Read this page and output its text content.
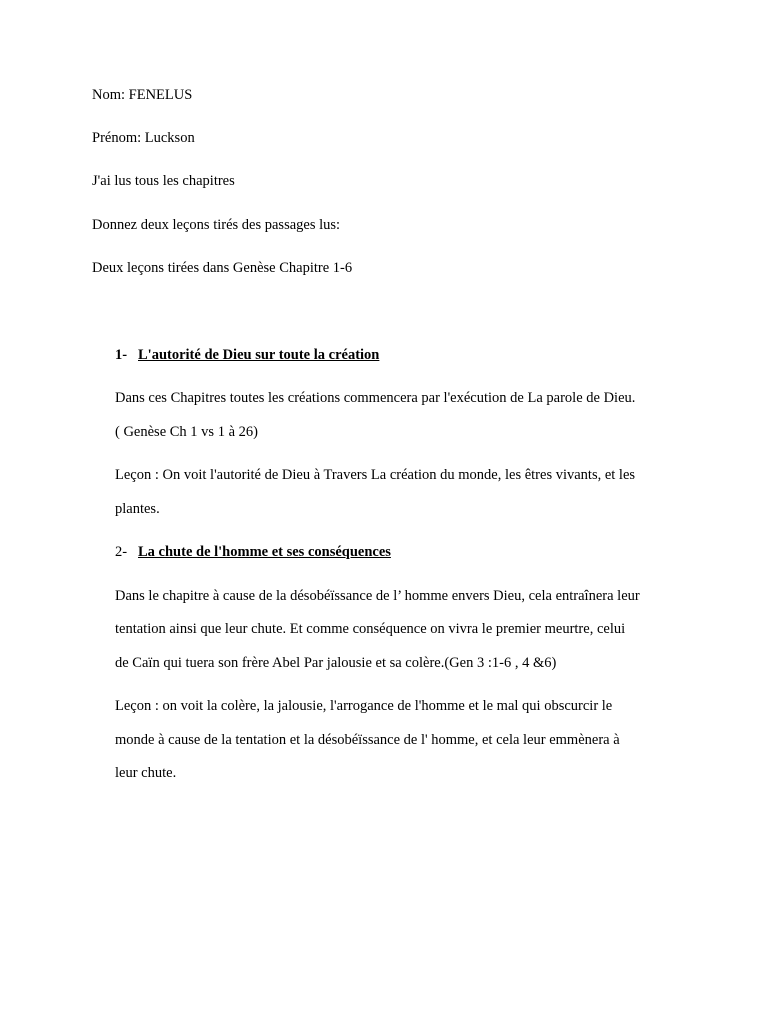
Nom: FENELUS
Prénom: Luckson
J'ai lus tous les chapitres
Donnez deux leçons tirés des passages lus:
Deux leçons tirées dans Genèse Chapitre 1-6
1- L'autorité de Dieu sur toute la création
Dans ces Chapitres toutes les créations commencera par l'exécution de La parole de Dieu.
( Genèse Ch 1 vs 1 à 26)
Leçon : On voit l'autorité de Dieu à Travers La création du monde, les êtres vivants, et les
plantes.
2- La chute de l'homme et ses conséquences
Dans le chapitre à cause de la désobéïssance de l’ homme envers Dieu, cela entraînera leur
tentation ainsi que leur chute. Et comme conséquence on vivra le premier meurtre, celui
de Caïn qui tuera son frère Abel Par jalousie et sa colère.(Gen 3 :1-6 , 4 &6)
Leçon : on voit la colère, la jalousie, l'arrogance de l'homme et le mal qui obscurcir le
monde à cause de la tentation et la désobéïssance de l' homme, et cela leur emmènera à
leur chute.
